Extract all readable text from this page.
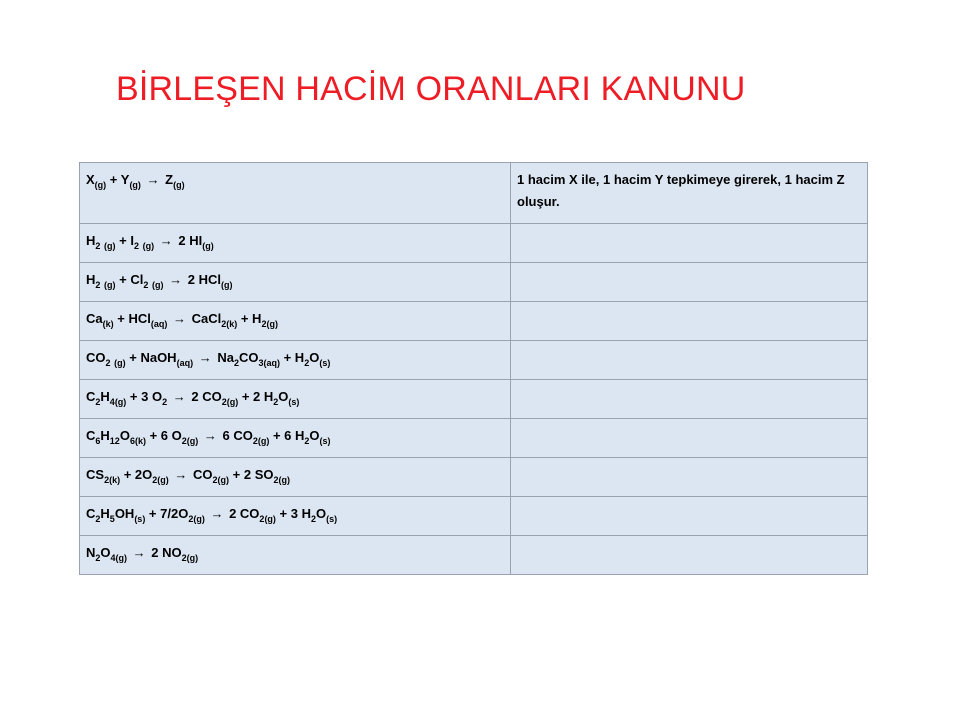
BİRLEŞEN HACİM ORANLARI KANUNU
$X_{(g)} + Y_{(g)} \to Z_{(g)}$	1 hacim X ile, 1 hacim Y tepkimeye girerek, 1 hacim Z oluşur.
$H_2$ $_{(g)} + I_2$ $_{(g)}$ → 2 $HI_{(g)}$	
$H_2$ $_{(g)} + Cl_2$ $_{(g)}$ → 2 HCl$_{(g)}$	
$Ca_{(k)} + HCl_{(aq)}$ → CaCl$_{2(k)}$ + $H_{2(g)}$	
$CO_2$ $_{(g)}$ + NaOH$_{(aq)}$ → $Na_2CO_{3(aq)} + H_2O_{(s)}$	
$C_2H_{4(g)} + 3$ $O_2 \to 2$ $CO_{2(g)} + 2$ $H_2O_{(s)}$	
$C_6H_{12}O_{6(k)} + 6$ $O_{2(g)} \to 6$ $CO_{2(g)} + 6$ $H_2O_{(s)}$	
$CS_{2(k)} + 2O_{2(g)} \to CO_{2(g)} + 2$ $SO_{2(g)}$	
$C_2H_5OH_{(s)} + 7/2O_{2(g)} \to 2$ $CO_{2(g)} + 3$ $H_2O_{(s)}$	
$N_2O_{4(g)} \to 2$ $NO_{2(g)}$	
